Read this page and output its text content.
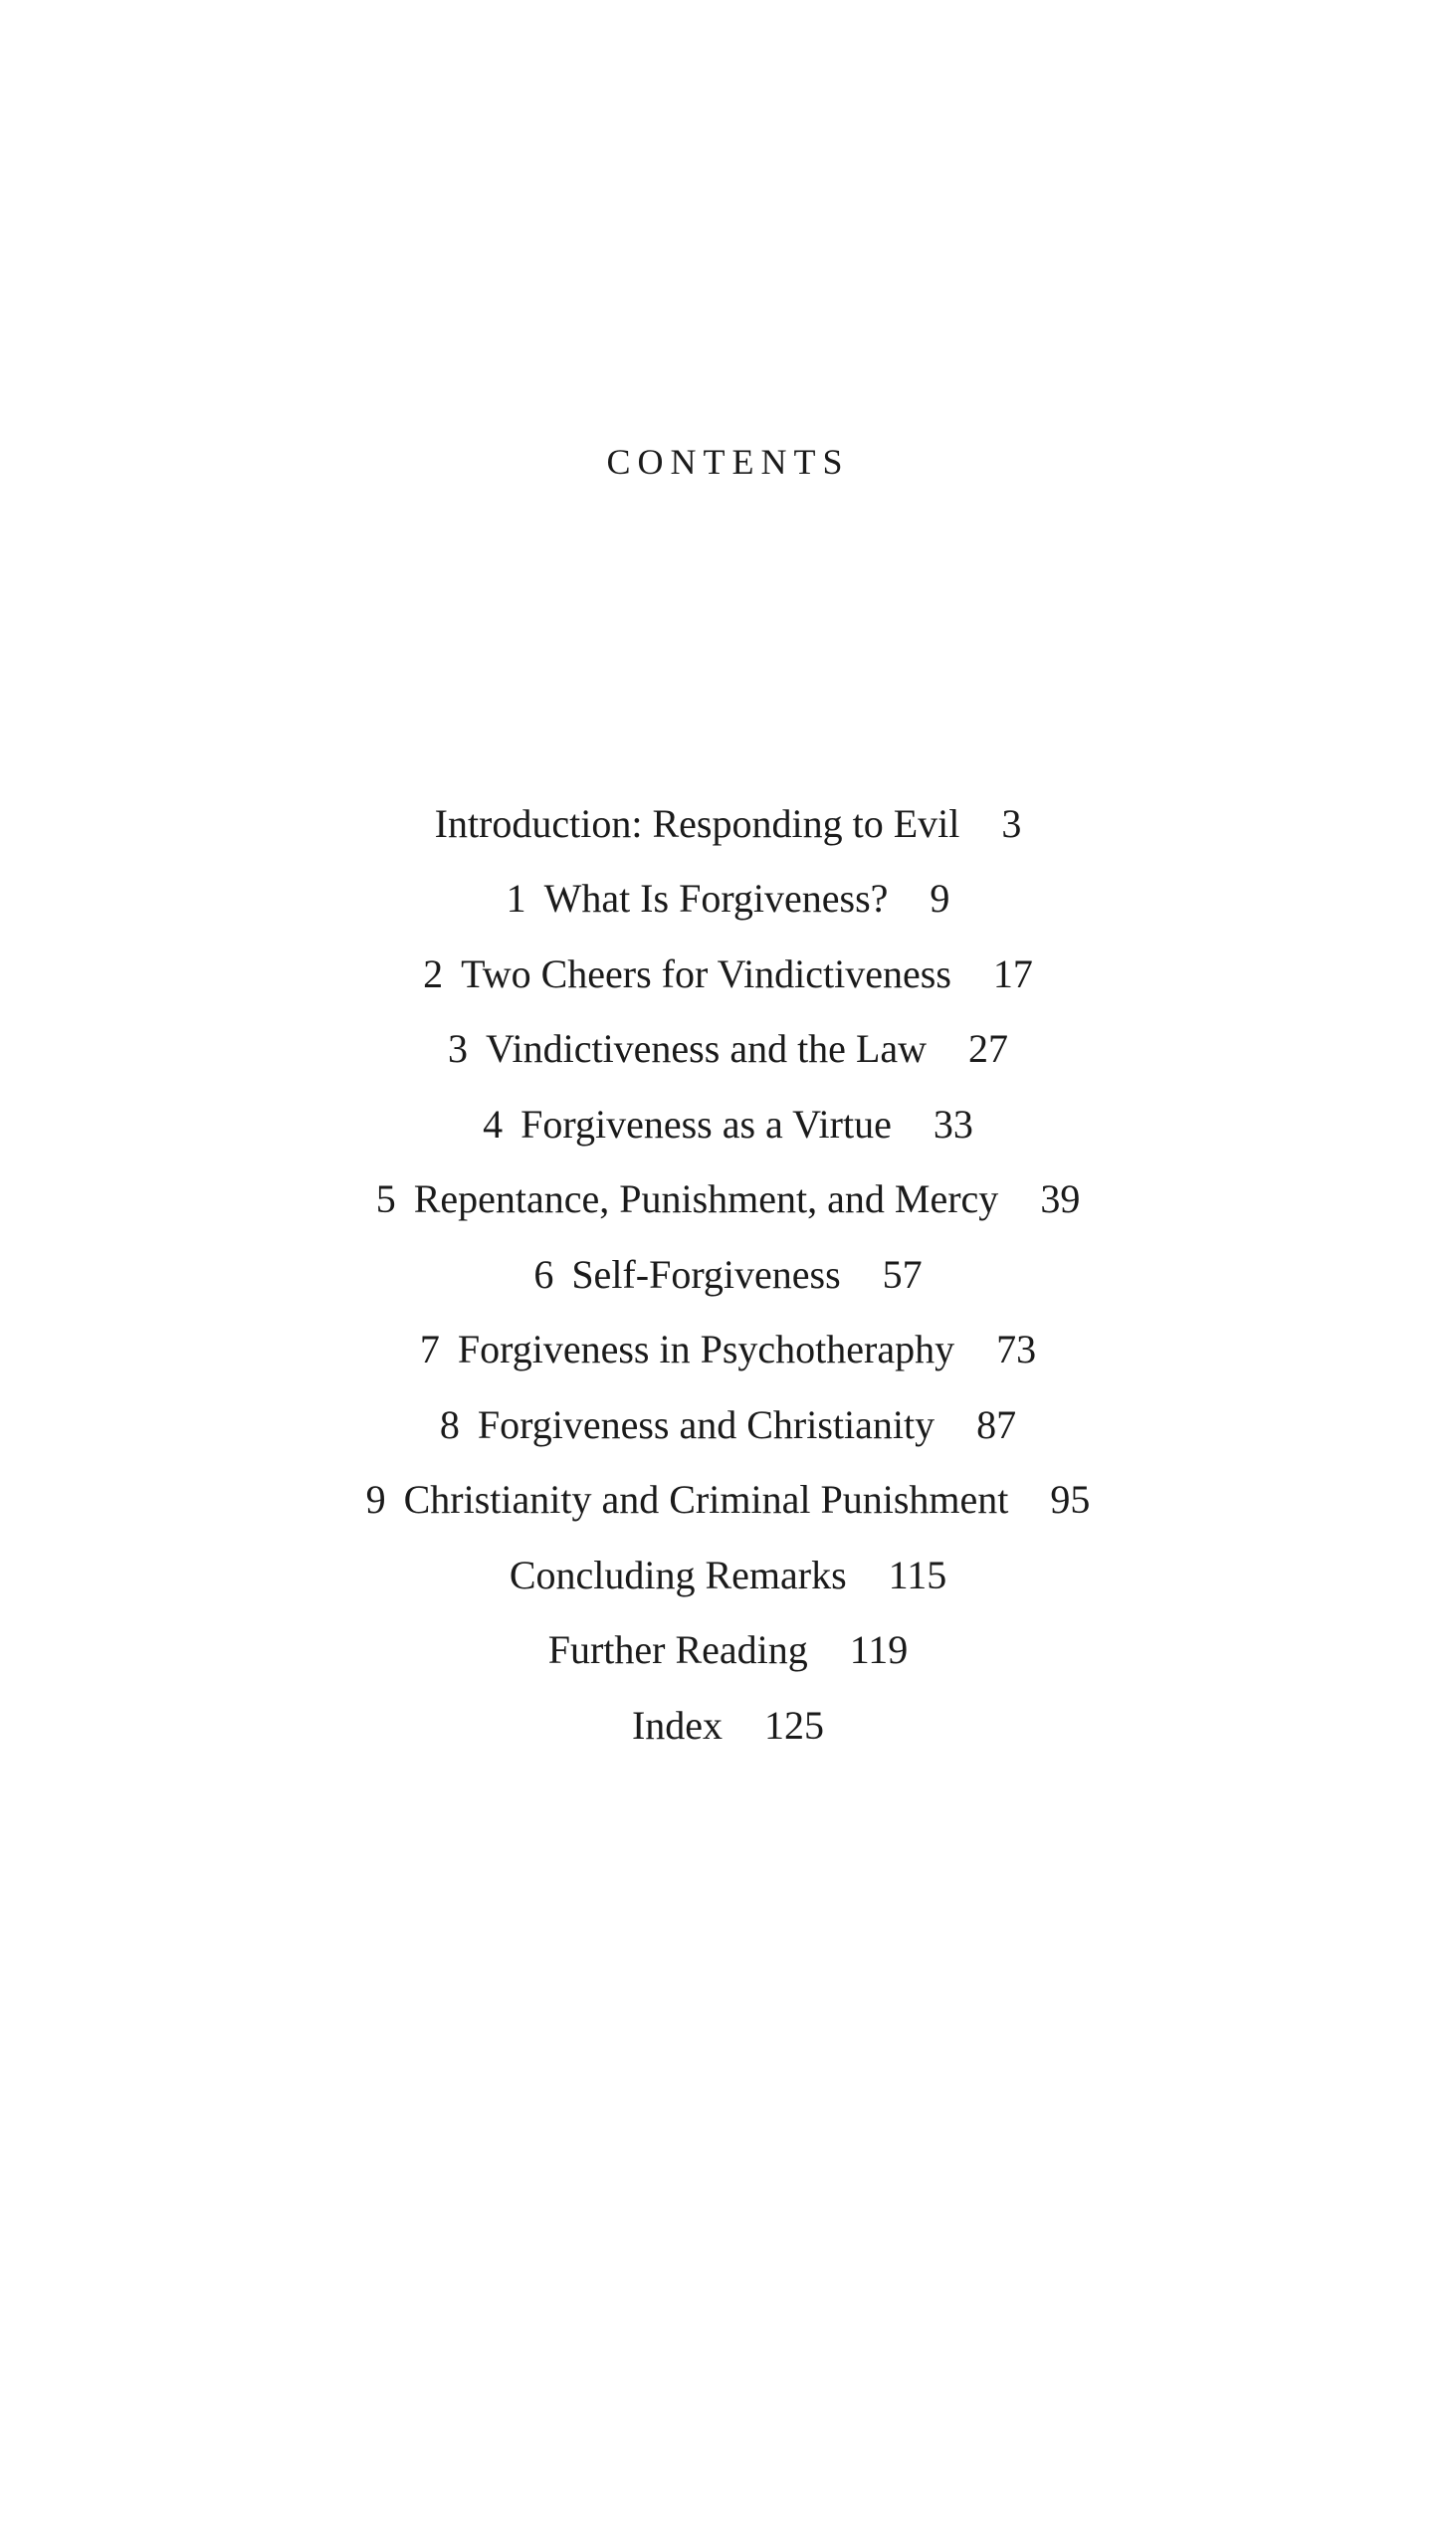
CONTENTS
Introduction: Responding to Evil 3
1 What Is Forgiveness? 9
2 Two Cheers for Vindictiveness 17
3 Vindictiveness and the Law 27
4 Forgiveness as a Virtue 33
5 Repentance, Punishment, and Mercy 39
6 Self-Forgiveness 57
7 Forgiveness in Psychotheraphy 73
8 Forgiveness and Christianity 87
9 Christianity and Criminal Punishment 95
Concluding Remarks 115
Further Reading 119
Index 125
